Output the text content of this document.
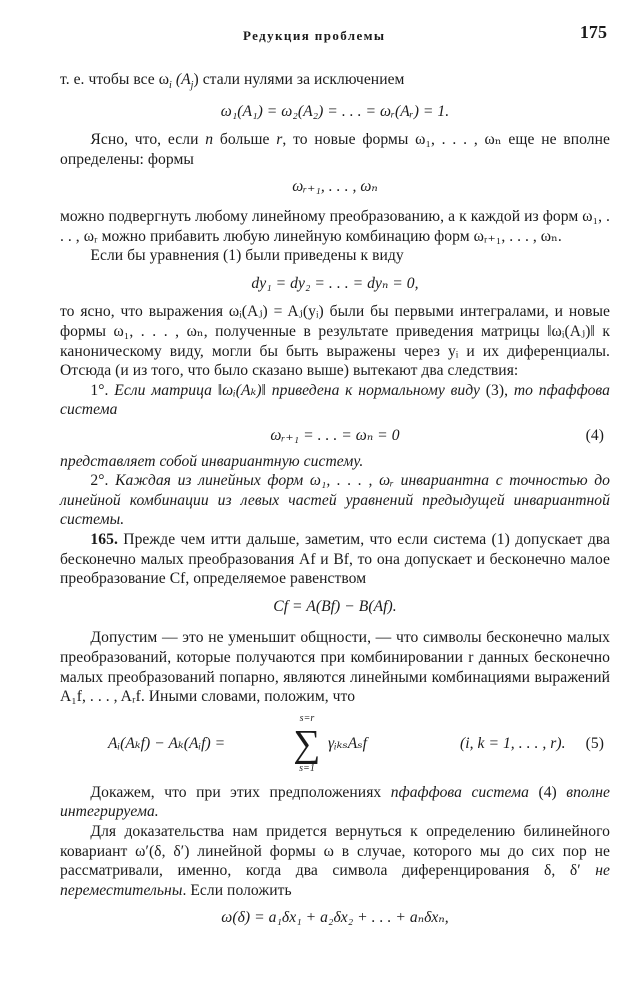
Редукция проблемы	175

т. е. чтобы все $\omega_i$ $(A_j)$ стали нулями за исключением

ω₁(A₁) = ω₂(A₂) = . . . = ωᵣ(Aᵣ) = 1.

Ясно, что, если n больше r, то новые формы ω₁, . . . , ωₙ еще не вполне определены: формы

ωᵣ₊₁, . . . , ωₙ

можно подвергнуть любому линейному преобразованию, а к каждой из форм ω₁, . . . , ωᵣ можно прибавить любую линейную комбинацию форм ωᵣ₊₁, . . . , ωₙ.

Если бы уравнения (1) были приведены к виду

dy₁ = dy₂ = . . . = dyₙ = 0,

то ясно, что выражения ωᵢ(Aⱼ) = Aⱼ(yᵢ) были бы первыми интегралами, и новые формы ω₁, . . . , ωₙ, полученные в результате приведения матрицы ‖ωᵢ(Aⱼ)‖ к каноническому виду, могли бы быть выражены через yᵢ и их диференциалы. Отсюда (и из того, что было сказано выше) вытекают два следствия:

1°. Если матрица ‖ωᵢ(Aₖ)‖ приведена к нормальному виду (3), то пфаффова система

ωᵣ₊₁ = . . . = ωₙ = 0	(4)

представляет собой инвариантную систему.

2°. Каждая из линейных форм ω₁, . . . , ωᵣ инвариантна с точностью до линейной комбинации из левых частей уравнений предыдущей инвариантной системы.

165. Прежде чем итти дальше, заметим, что если система (1) допускает два бесконечно малых преобразования Af и Bf, то она допускает и бесконечно малое преобразование Cf, определяемое равенством

Cf = A(Bf) − B(Af).

Допустим — это не уменьшит общности, — что символы бесконечно малых преобразований, которые получаются при комбинировании r данных бесконечно малых преобразований попарно, являются линейными комбинациями выражений A₁f, . . . , Aᵣf. Иными словами, положим, что

Aᵢ(Aₖf) − Aₖ(Aᵢf) =
s=r
∑
s=1
γᵢₖₛAₛf	(i, k = 1, . . . , r). (5)

Докажем, что при этих предположениях пфаффова система (4) вполне интегрируема.

Для доказательства нам придется вернуться к определению билинейного ковариант ω′(δ, δ′) линейной формы ω в случае, которого мы до сих пор не рассматривали, именно, когда два символа диференцирования δ, δ′ не переместительны. Если положить

ω(δ) = a₁δx₁ + a₂δx₂ + . . . + aₙδxₙ,
